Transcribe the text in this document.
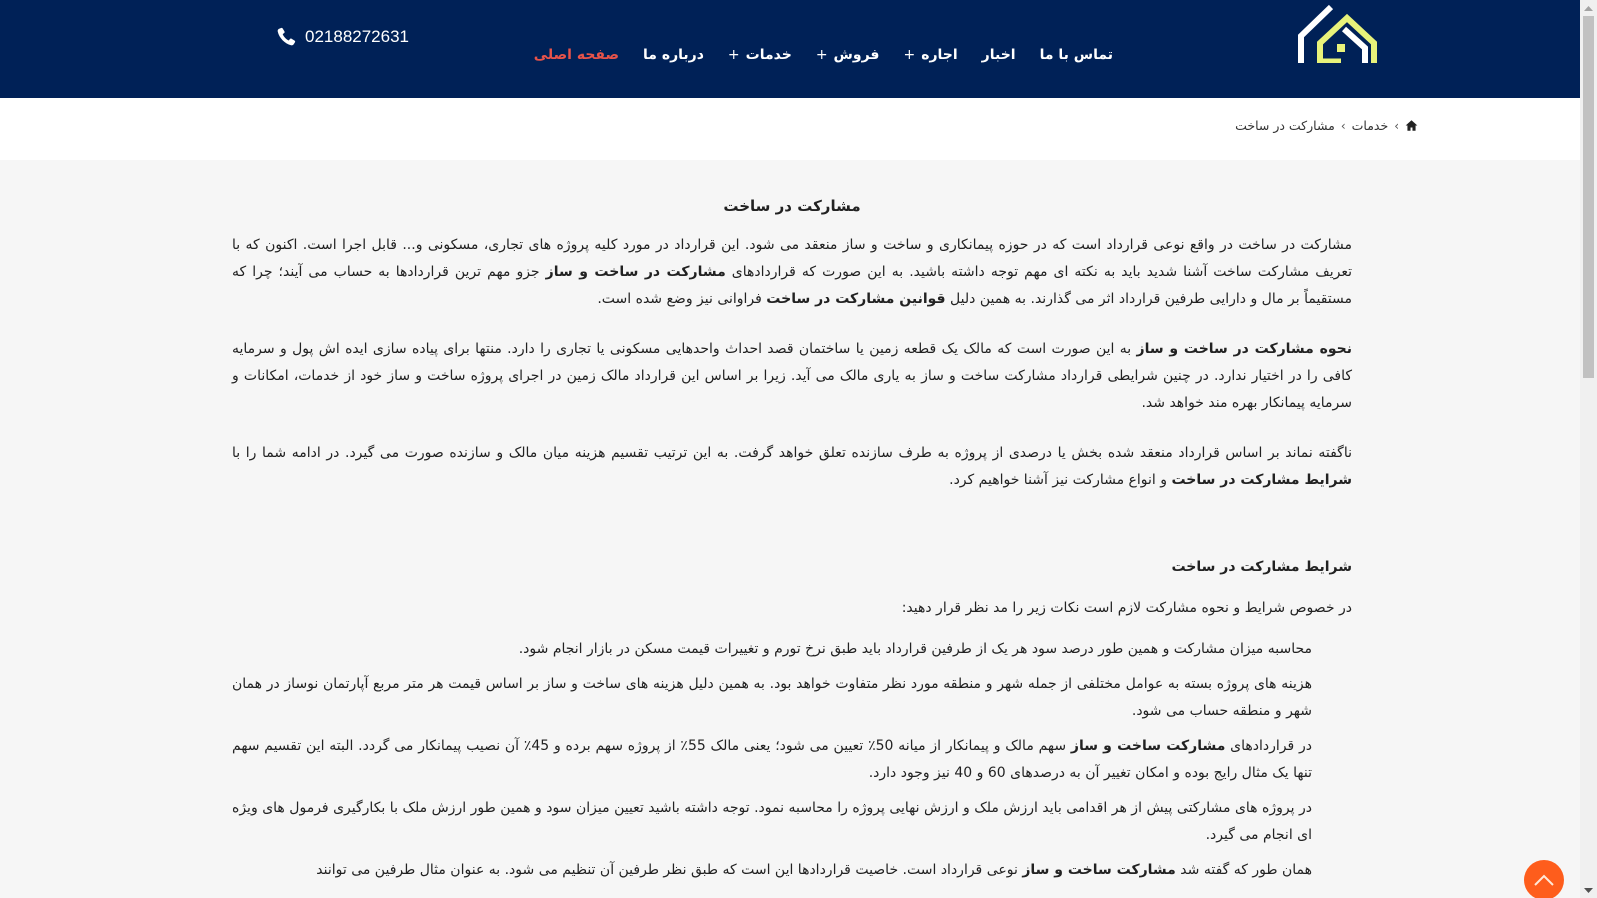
صفحه اصلی درباره ما	خدمات
+	فروش
+	اجاره
+	اخبار تماس با ما
02188272631
›
خدمات
›
مشارکت در ساخت
مشارکت در ساخت

مشارکت در ساخت در واقع نوعی قرارداد است که در حوزه پیمانکاری و ساخت و ساز منعقد می شود. این قرارداد در مورد کلیه پروژه های تجاری، مسکونی و... قابل اجرا است. اکنون که با تعریف مشارکت ساخت آشنا شدید باید به نکته ای مهم توجه داشته باشید. به این صورت که قراردادهای مشارکت در ساخت و ساز جزو مهم ترین قراردادها به حساب می آیند؛ چرا که مستقیماً بر مال و دارایی طرفین قرارداد اثر می گذارند. به همین دلیل قوانین مشارکت در ساخت فراوانی نیز وضع شده است.

نحوه مشارکت در ساخت و ساز به این صورت است که مالک یک قطعه زمین یا ساختمان قصد احداث واحدهایی مسکونی یا تجاری را دارد. منتها برای پیاده سازی ایده اش پول و سرمایه کافی را در اختیار ندارد. در چنین شرایطی قرارداد مشارکت ساخت و ساز به یاری مالک می آید. زیرا بر اساس این قرارداد مالک زمین در اجرای پروژه ساخت و ساز خود از خدمات، امکانات و سرمایه پیمانکار بهره مند خواهد شد.

ناگفته نماند بر اساس قرارداد منعقد شده بخش یا درصدی از پروژه به طرف سازنده تعلق خواهد گرفت. به این ترتیب تقسیم هزینه میان مالک و سازنده صورت می گیرد. در ادامه شما را با شرایط مشارکت در ساخت و انواع مشارکت نیز آشنا خواهیم کرد.

شرایط مشارکت در ساخت

در خصوص شرایط و نحوه مشارکت لازم است نکات زیر را مد نظر قرار دهید:

محاسبه میزان مشارکت و همین طور درصد سود هر یک از طرفین قرارداد باید طبق نرخ تورم و تغییرات قیمت مسکن در بازار انجام شود.

هزینه های پروژه بسته به عوامل مختلفی از جمله شهر و منطقه مورد نظر متفاوت خواهد بود. به همین دلیل هزینه های ساخت و ساز بر اساس قیمت هر متر مربع آپارتمان نوساز در همان شهر و منطقه حساب می شود.

در قراردادهای مشارکت ساخت و ساز سهم مالک و پیمانکار از میانه 50٪ تعیین می شود؛ یعنی مالک 55٪ از پروژه سهم برده و 45٪ آن نصیب پیمانکار می گردد. البته این تقسیم سهم تنها یک مثال رایج بوده و امکان تغییر آن به درصدهای 60 و 40 نیز وجود دارد.

در پروژه های مشارکتی پیش از هر اقدامی باید ارزش ملک و ارزش نهایی پروژه را محاسبه نمود. توجه داشته باشید تعیین میزان سود و همین طور ارزش ملک با بکارگیری فرمول های ویژه ای انجام می گیرد.

همان طور که گفته شد مشارکت ساخت و ساز نوعی قرارداد است. خاصیت قراردادها این است که طبق نظر طرفین آن تنظیم می شود. به عنوان مثال طرفین می توانند
